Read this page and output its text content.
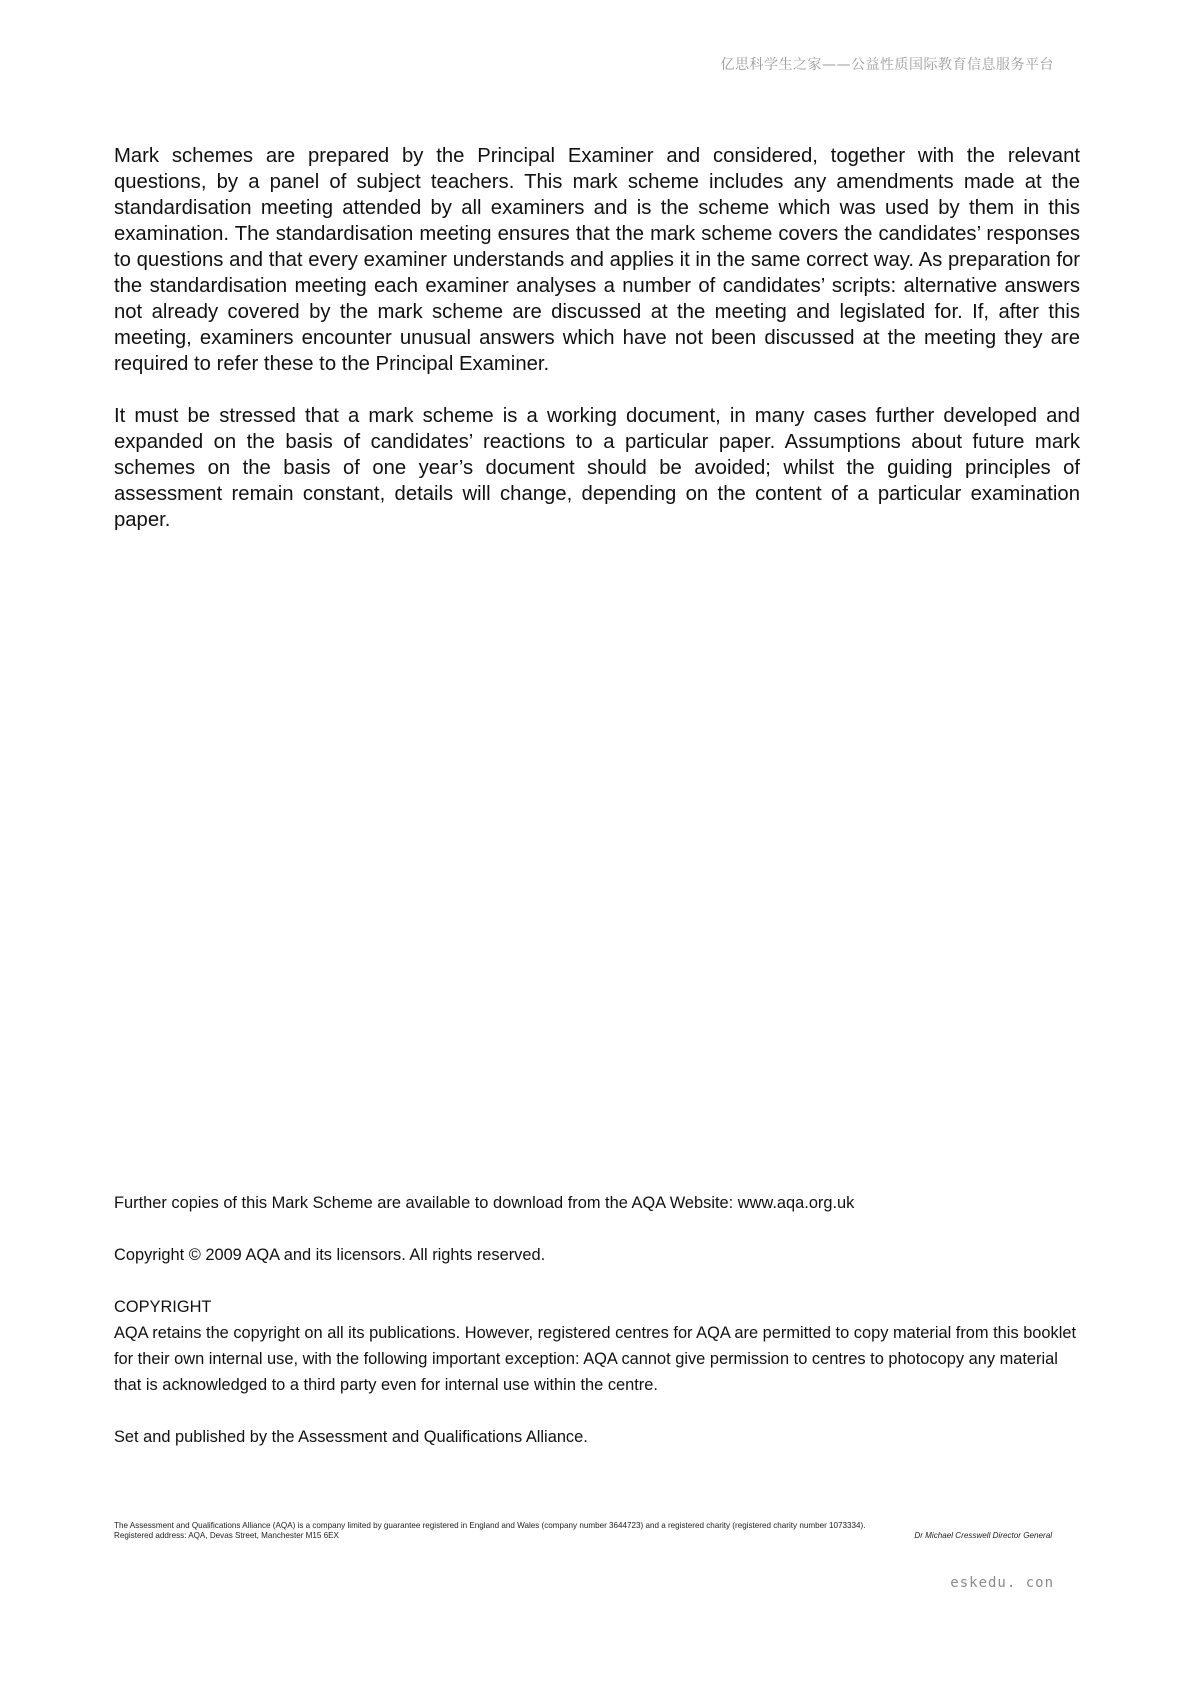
亿思科学生之家——公益性质国际教育信息服务平台

Mark schemes are prepared by the Principal Examiner and considered, together with the relevant questions, by a panel of subject teachers. This mark scheme includes any amendments made at the standardisation meeting attended by all examiners and is the scheme which was used by them in this examination. The standardisation meeting ensures that the mark scheme covers the candidates’ responses to questions and that every examiner understands and applies it in the same correct way. As preparation for the standardisation meeting each examiner analyses a number of candidates’ scripts: alternative answers not already covered by the mark scheme are discussed at the meeting and legislated for. If, after this meeting, examiners encounter unusual answers which have not been discussed at the meeting they are required to refer these to the Principal Examiner.

It must be stressed that a mark scheme is a working document, in many cases further developed and expanded on the basis of candidates’ reactions to a particular paper. Assumptions about future mark schemes on the basis of one year’s document should be avoided; whilst the guiding principles of assessment remain constant, details will change, depending on the content of a particular examination paper.

Further copies of this Mark Scheme are available to download from the AQA Website: www.aqa.org.uk

Copyright © 2009 AQA and its licensors. All rights reserved.

COPYRIGHT

AQA retains the copyright on all its publications. However, registered centres for AQA are permitted to copy material from this booklet for their own internal use, with the following important exception: AQA cannot give permission to centres to photocopy any material that is acknowledged to a third party even for internal use within the centre.

Set and published by the Assessment and Qualifications Alliance.

The Assessment and Qualifications Alliance (AQA) is a company limited by guarantee registered in England and Wales (company number 3644723) and a registered charity (registered charity number 1073334).
Registered address: AQA, Devas Street, Manchester M15 6EX	Dr Michael Cresswell Director General
eskedu. con
